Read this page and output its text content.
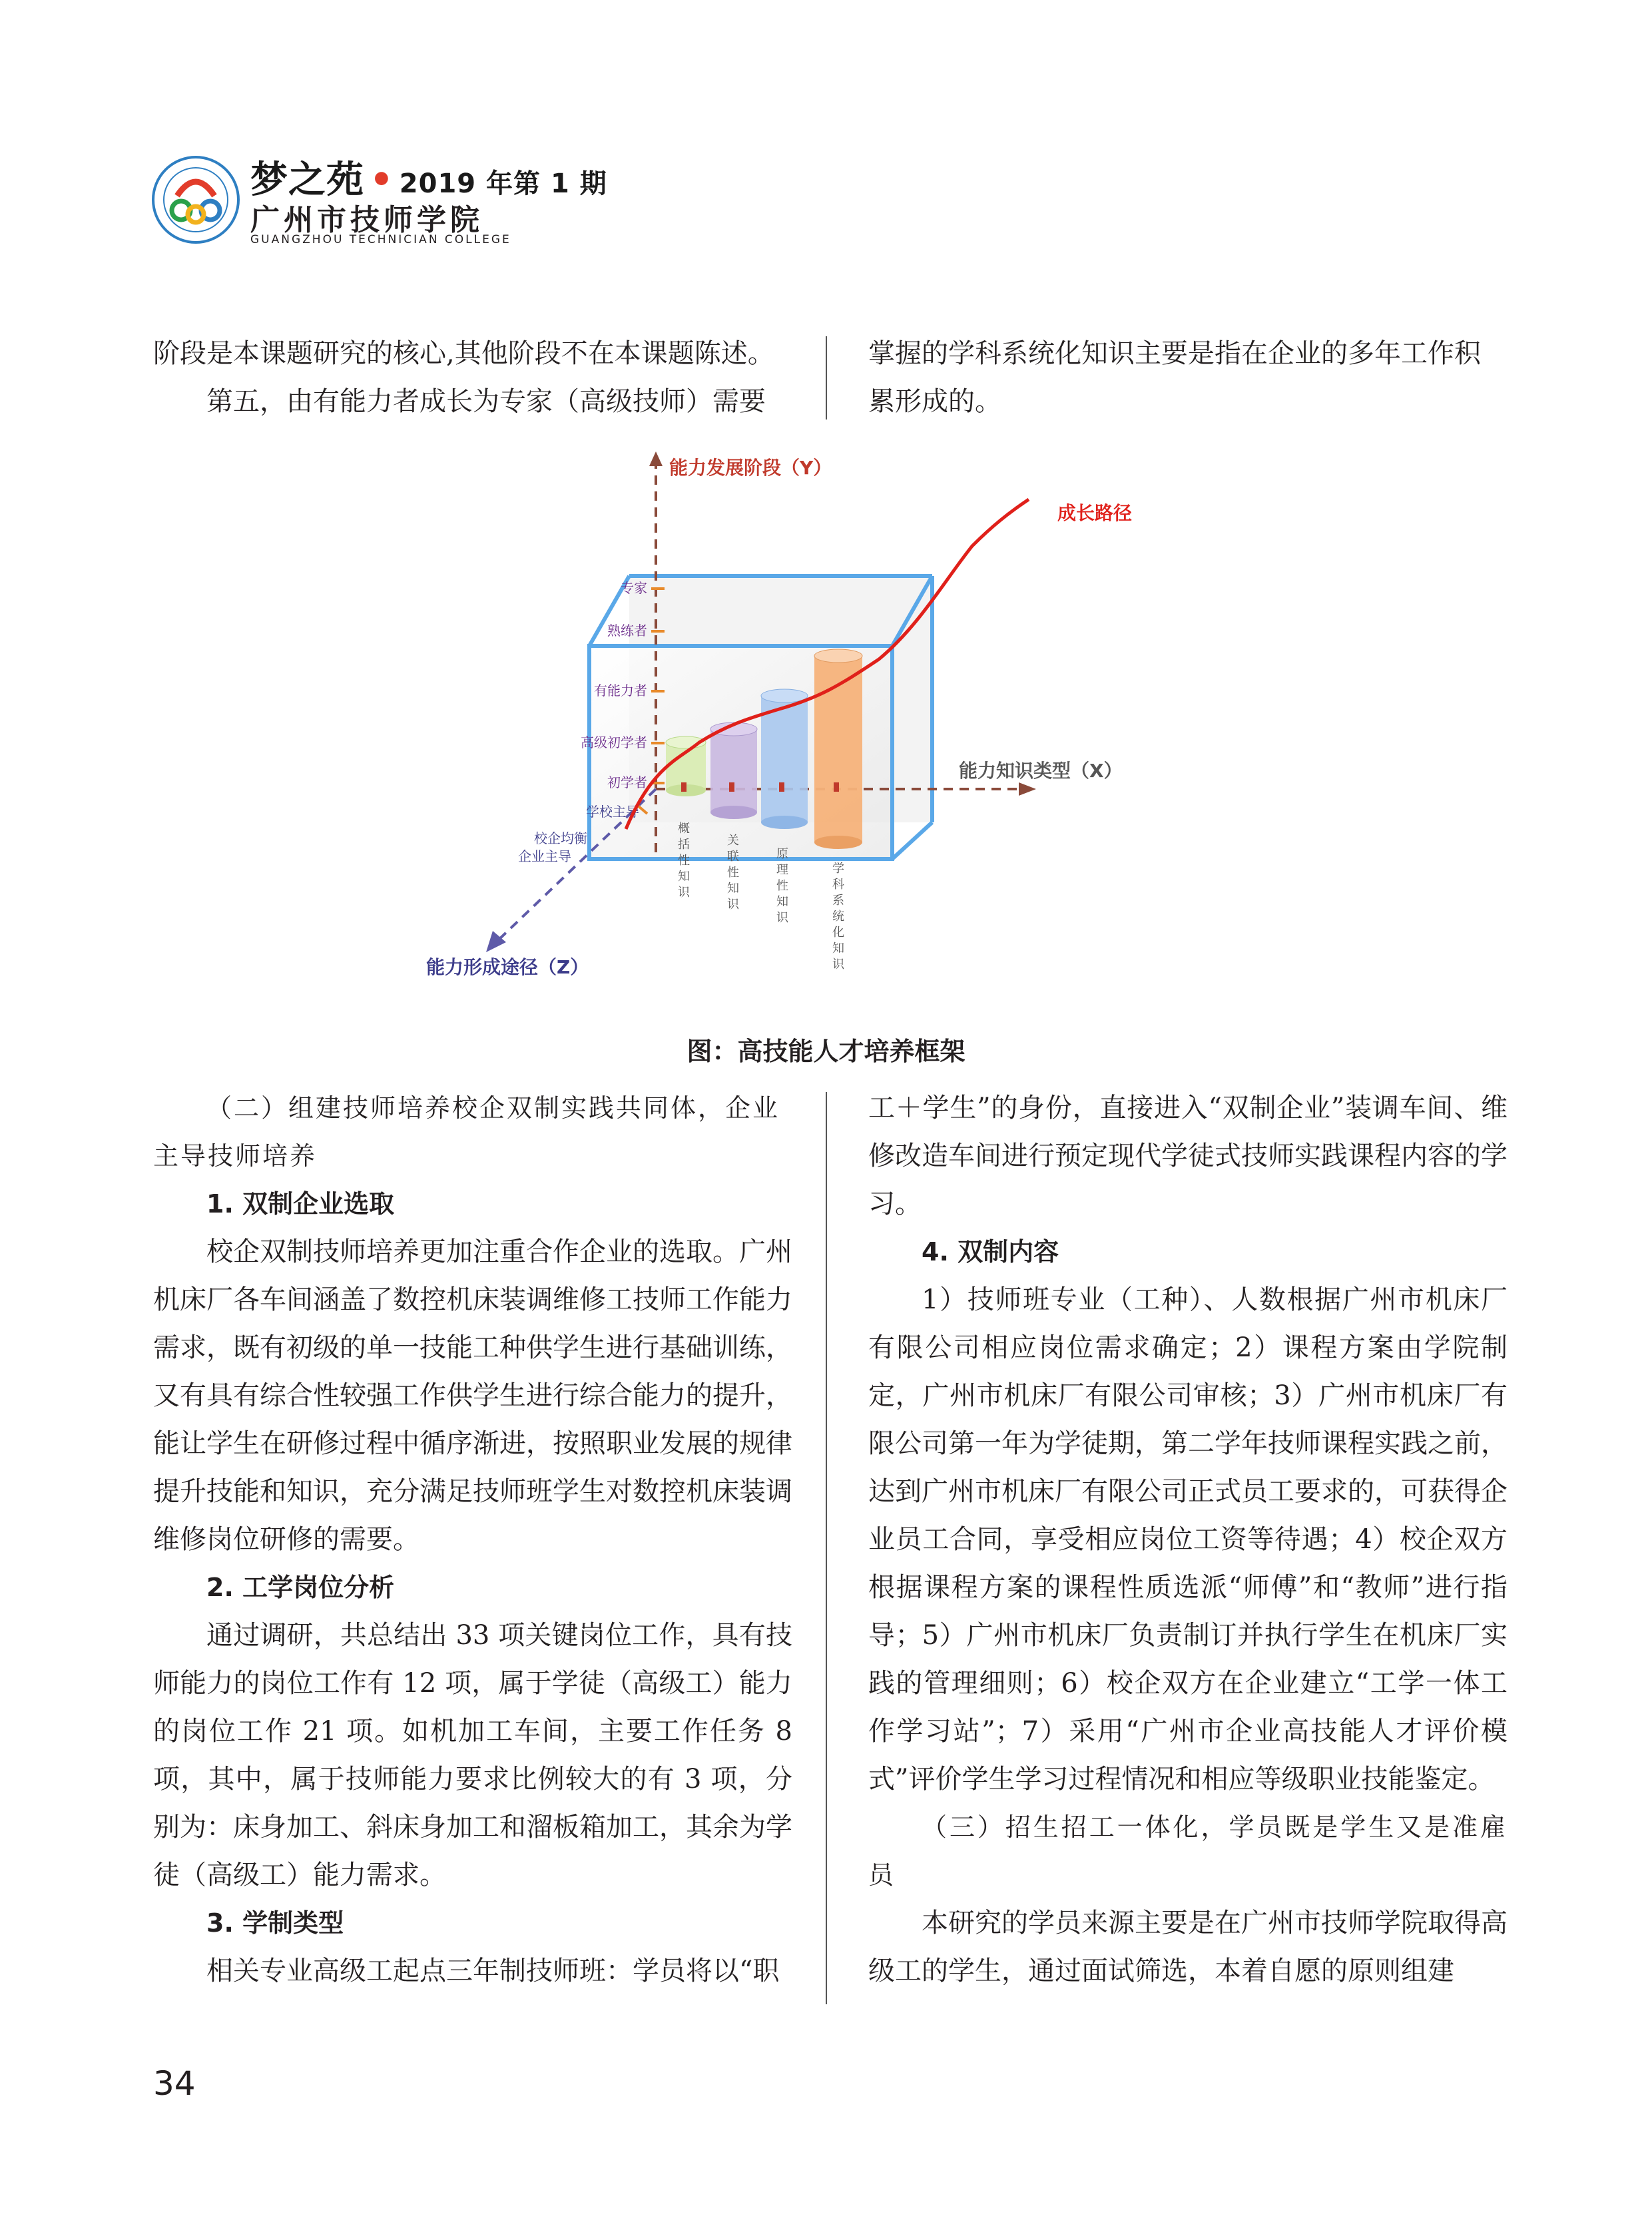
梦之苑 • 2019 年第 1 期
广州市技师学院
GUANGZHOU TECHNICIAN COLLEGE

阶段是本课题研究的核心,其他阶段不在本课题陈述。

第五，由有能力者成长为专家（高级技师）需要

掌握的学科系统化知识主要是指在企业的多年工作积

累形成的。

能力发展阶段（Y）
能力知识类型（X）
能力形成途径（Z）
专家
熟练者
有能力者
高级初学者
初学者
学校主导
校企均衡
企业主导
概括性知识
关联性知识
原理性知识
学科系统化知识
成长路径
图：高技能人才培养框架

（二）组建技师培养校企双制实践共同体，企业

主导技师培养

1. 双制企业选取

校企双制技师培养更加注重合作企业的选取。广州机床厂各车间涵盖了数控机床装调维修工技师工作能力需求，既有初级的单一技能工种供学生进行基础训练，又有具有综合性较强工作供学生进行综合能力的提升，能让学生在研修过程中循序渐进，按照职业发展的规律提升技能和知识，充分满足技师班学生对数控机床装调维修岗位研修的需要。

2. 工学岗位分析

通过调研，共总结出 33 项关键岗位工作，具有技师能力的岗位工作有 12 项，属于学徒（高级工）能力的岗位工作 21 项。如机加工车间，主要工作任务 8 项，其中，属于技师能力要求比例较大的有 3 项，分别为：床身加工、斜床身加工和溜板箱加工，其余为学徒（高级工）能力需求。

3. 学制类型

相关专业高级工起点三年制技师班：学员将以“职

工＋学生”的身份，直接进入“双制企业”装调车间、维修改造车间进行预定现代学徒式技师实践课程内容的学习。

4. 双制内容

1）技师班专业（工种）、人数根据广州市机床厂有限公司相应岗位需求确定；2）课程方案由学院制定，广州市机床厂有限公司审核；3）广州市机床厂有限公司第一年为学徒期，第二学年技师课程实践之前，达到广州市机床厂有限公司正式员工要求的，可获得企业员工合同，享受相应岗位工资等待遇；4）校企双方根据课程方案的课程性质选派“师傅”和“教师”进行指导；5）广州市机床厂负责制订并执行学生在机床厂实践的管理细则；6）校企双方在企业建立“工学一体工作学习站”；7）采用“广州市企业高技能人才评价模式”评价学生学习过程情况和相应等级职业技能鉴定。

（三）招生招工一体化，学员既是学生又是准雇员

本研究的学员来源主要是在广州市技师学院取得高级工的学生，通过面试筛选，本着自愿的原则组建

34
